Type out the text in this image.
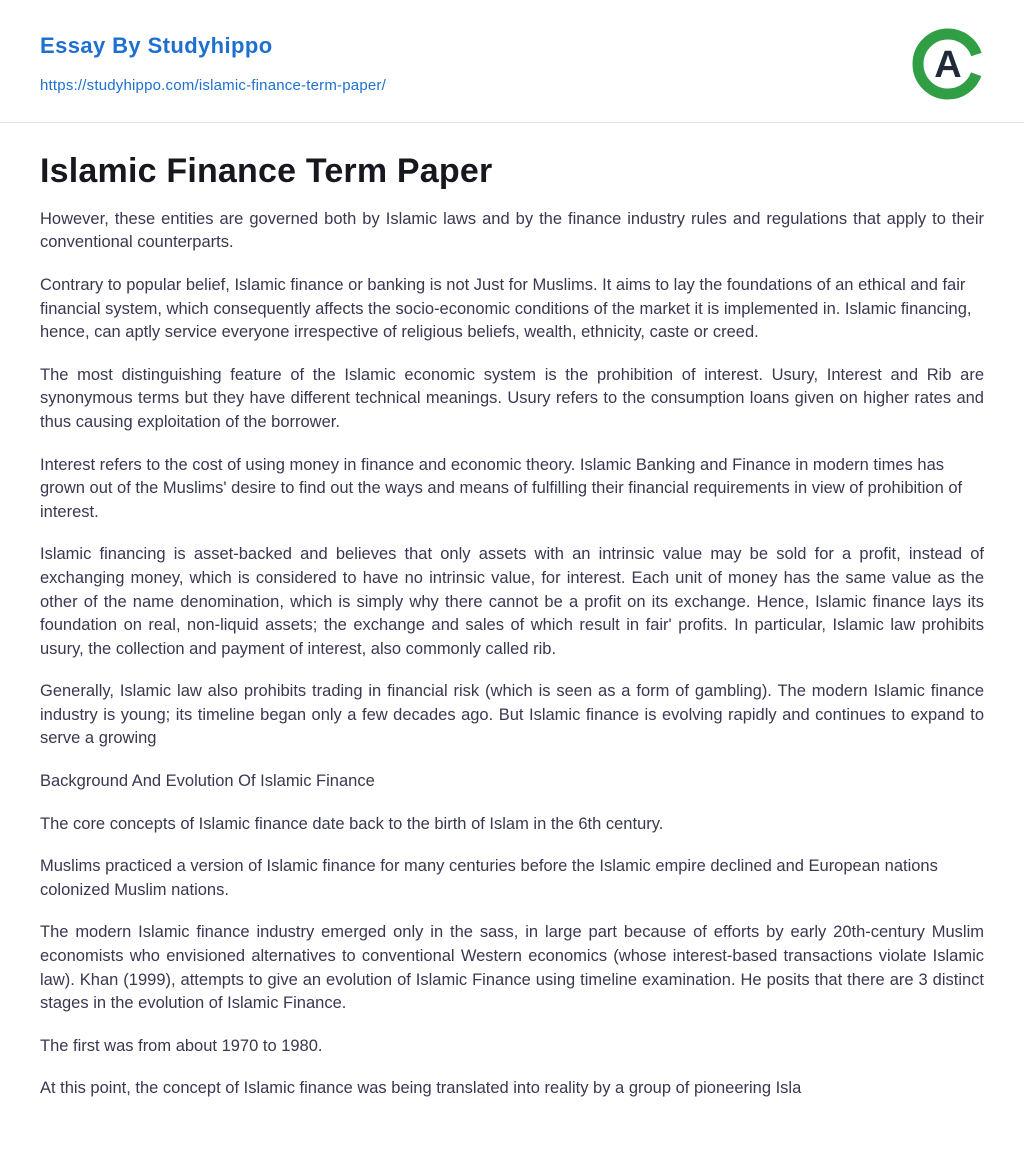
Essay By Studyhippo
https://studyhippo.com/islamic-finance-term-paper/	A
Islamic Finance Term Paper

However, these entities are governed both by Islamic laws and by the finance industry rules and regulations that apply to their conventional counterparts.

Contrary to popular belief, Islamic finance or banking is not Just for Muslims. It aims to lay the foundations of an ethical and fair financial system, which consequently affects the socio-economic conditions of the market it is implemented in. Islamic financing, hence, can aptly service everyone irrespective of religious beliefs, wealth, ethnicity, caste or creed.

The most distinguishing feature of the Islamic economic system is the prohibition of interest. Usury, Interest and Rib are synonymous terms but they have different technical meanings. Usury refers to the consumption loans given on higher rates and thus causing exploitation of the borrower.

Interest refers to the cost of using money in finance and economic theory. Islamic Banking and Finance in modern times has grown out of the Muslims' desire to find out the ways and means of fulfilling their financial requirements in view of prohibition of interest.

Islamic financing is asset-backed and believes that only assets with an intrinsic value may be sold for a profit, instead of exchanging money, which is considered to have no intrinsic value, for interest. Each unit of money has the same value as the other of the name denomination, which is simply why there cannot be a profit on its exchange. Hence, Islamic finance lays its foundation on real, non-liquid assets; the exchange and sales of which result in fair' profits. In particular, Islamic law prohibits usury, the collection and payment of interest, also commonly called rib.

Generally, Islamic law also prohibits trading in financial risk (which is seen as a form of gambling). The modern Islamic finance industry is young; its timeline began only a few decades ago. But Islamic finance is evolving rapidly and continues to expand to serve a growing

Background And Evolution Of Islamic Finance

The core concepts of Islamic finance date back to the birth of Islam in the 6th century.

Muslims practiced a version of Islamic finance for many centuries before the Islamic empire declined and European nations colonized Muslim nations.

The modern Islamic finance industry emerged only in the sass, in large part because of efforts by early 20th-century Muslim economists who envisioned alternatives to conventional Western economics (whose interest-based transactions violate Islamic law). Khan (1999), attempts to give an evolution of Islamic Finance using timeline examination. He posits that there are 3 distinct stages in the evolution of Islamic Finance.

The first was from about 1970 to 1980.

At this point, the concept of Islamic finance was being translated into reality by a group of pioneering Isla
